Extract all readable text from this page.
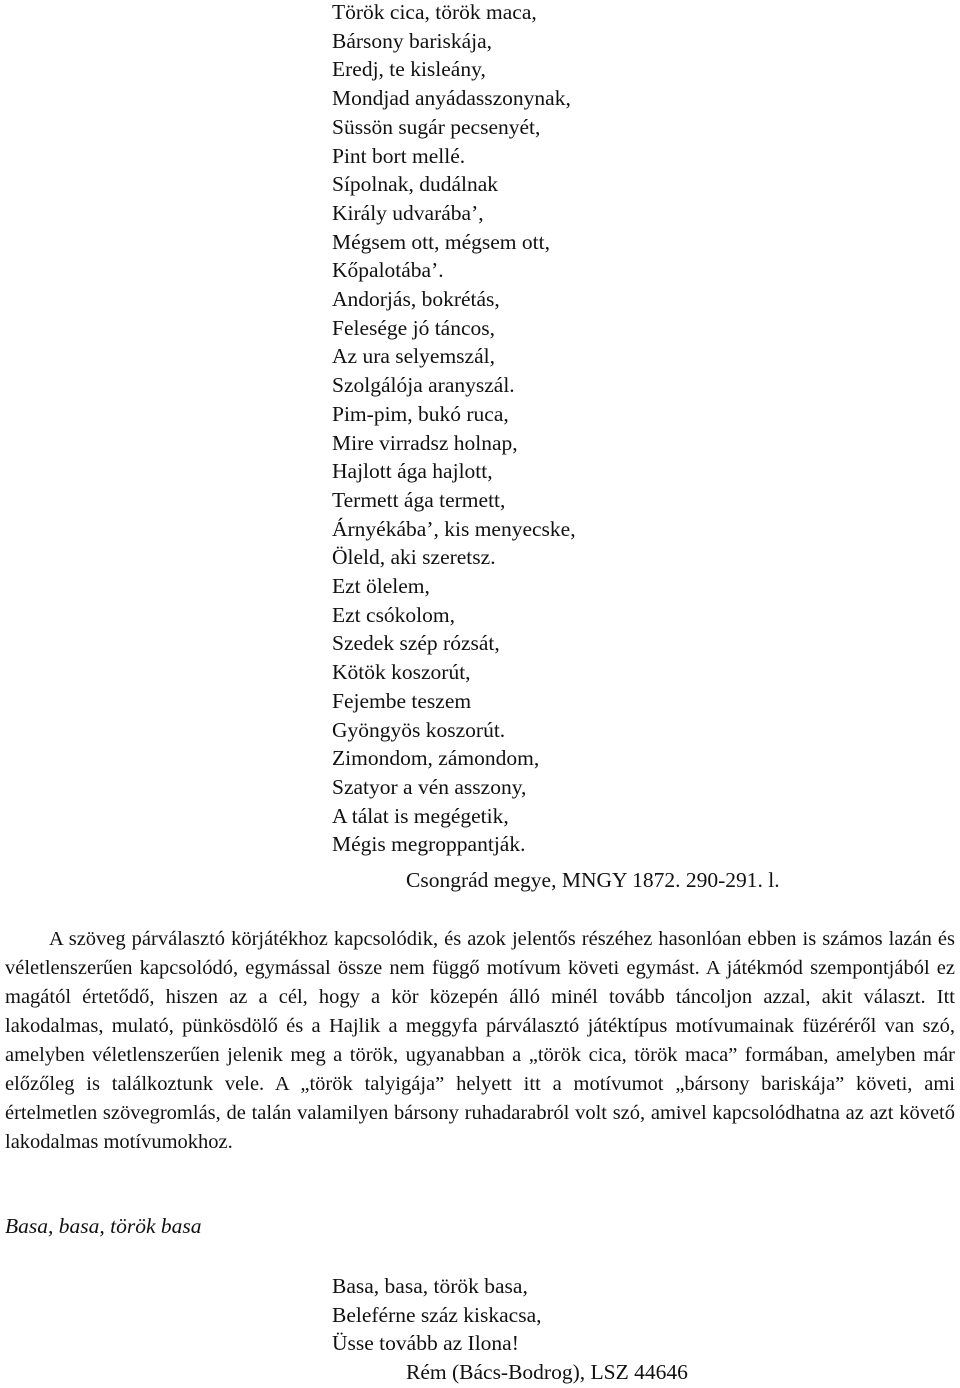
Török cica, török maca,
Bársony bariskája,
Eredj, te kisleány,
Mondjad anyádasszonynak,
Süssön sugár pecsenyét,
Pint bort mellé.
Sípolnak, dudálnak
Király udvarába’,
Mégsem ott, mégsem ott,
Kőpalotába’.
Andorjás, bokrétás,
Felesége jó táncos,
Az ura selyemszál,
Szolgálója aranyszál.
Pim-pim, bukó ruca,
Mire virradsz holnap,
Hajlott ága hajlott,
Termett ága termett,
Árnyékába’, kis menyecske,
Öleld, aki szeretsz.
Ezt ölelem,
Ezt csókolom,
Szedek szép rózsát,
Kötök koszorút,
Fejembe teszem
Gyöngyös koszorút.
Zimondom, zámondom,
Szatyor a vén asszony,
A tálat is megégetik,
Mégis megroppantják.
Csongrád megye, MNGY 1872. 290-291. l.

A szöveg párválasztó körjátékhoz kapcsolódik, és azok jelentős részéhez hasonlóan ebben is számos lazán és véletlenszerűen kapcsolódó, egymással össze nem függő motívum követi egymást. A játékmód szempontjából ez magától értetődő, hiszen az a cél, hogy a kör közepén álló minél tovább táncoljon azzal, akit választ. Itt lakodalmas, mulató, pünkösdölő és a Hajlik a meggyfa párválasztó játéktípus motívumainak füzéréről van szó, amelyben véletlenszerűen jelenik meg a török, ugyanabban a „török cica, török maca” formában, amelyben már előzőleg is találkoztunk vele. A „török talyigája” helyett itt a motívumot „bársony bariskája” követi, ami értelmetlen szövegromlás, de talán valamilyen bársony ruhadarabról volt szó, amivel kapcsolódhatna az azt követő lakodalmas motívumokhoz.

Basa, basa, török basa
Basa, basa, török basa,
Beleférne száz kiskacsa,
Üsse tovább az Ilona!
Rém (Bács-Bodrog), LSZ 44646
